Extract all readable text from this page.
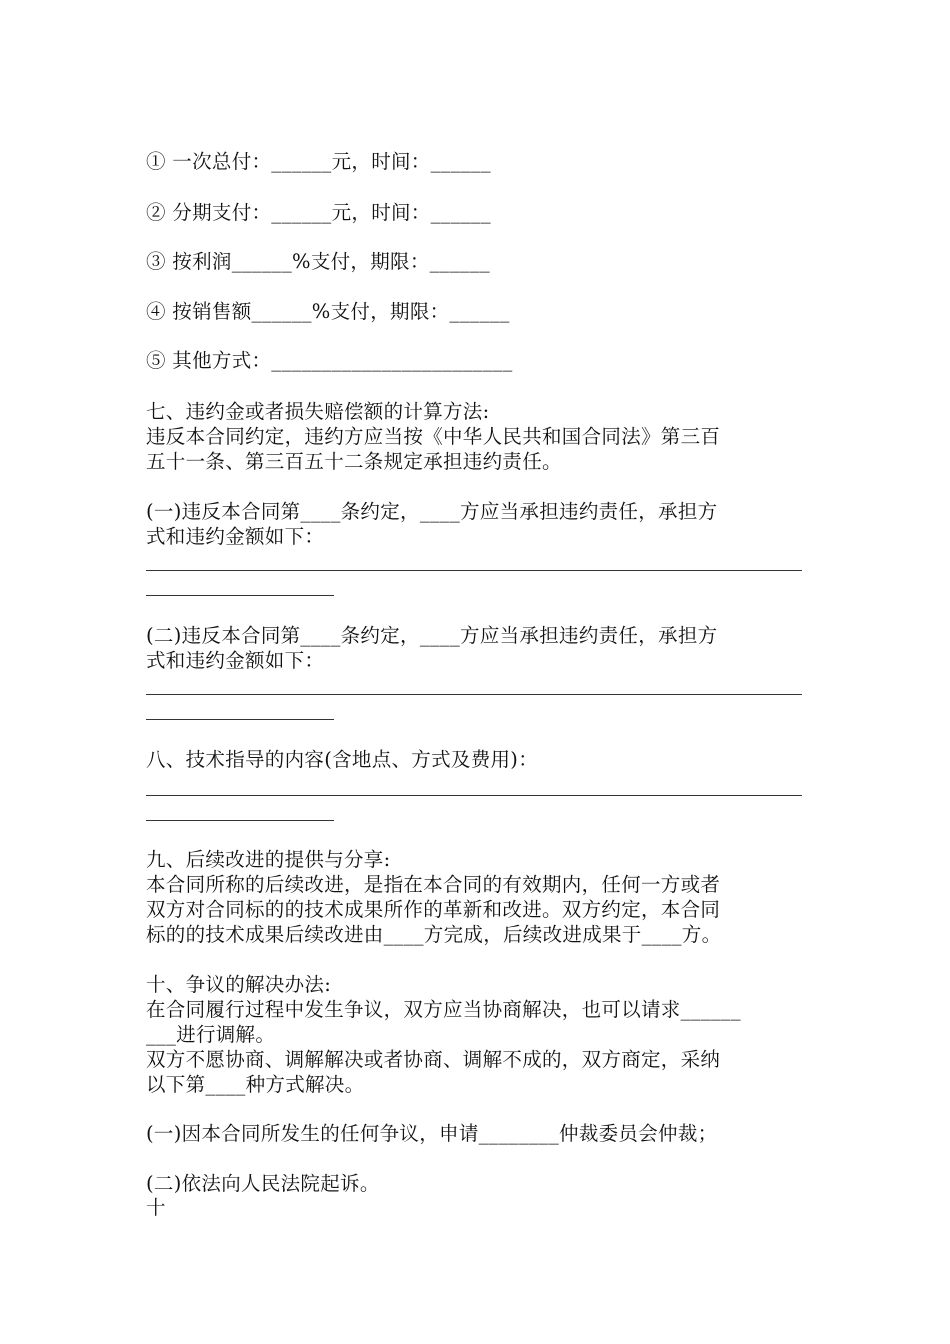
① 一次总付：______元，时间：______

② 分期支付：______元，时间：______

③ 按利润______%支付，期限：______

④ 按销售额______%支付，期限：______

⑤ 其他方式：________________________

七、违约金或者损失赔偿额的计算方法:

违反本合同约定，违约方应当按《中华人民共和国合同法》第三百

五十一条、第三百五十二条规定承担违约责任。

(一)违反本合同第____条约定，____方应当承担违约责任，承担方

式和违约金额如下：

(二)违反本合同第____条约定，____方应当承担违约责任，承担方

式和违约金额如下：

八、技术指导的内容(含地点、方式及费用)：

九、后续改进的提供与分享:

本合同所称的后续改进，是指在本合同的有效期内，任何一方或者

双方对合同标的的技术成果所作的革新和改进。双方约定，本合同

标的的技术成果后续改进由____方完成，后续改进成果于____方。

十、争议的解决办法:

在合同履行过程中发生争议，双方应当协商解决，也可以请求______

___进行调解。

双方不愿协商、调解解决或者协商、调解不成的，双方商定，采纳

以下第____种方式解决。

(一)因本合同所发生的任何争议，申请________仲裁委员会仲裁；

(二)依法向人民法院起诉。

十
